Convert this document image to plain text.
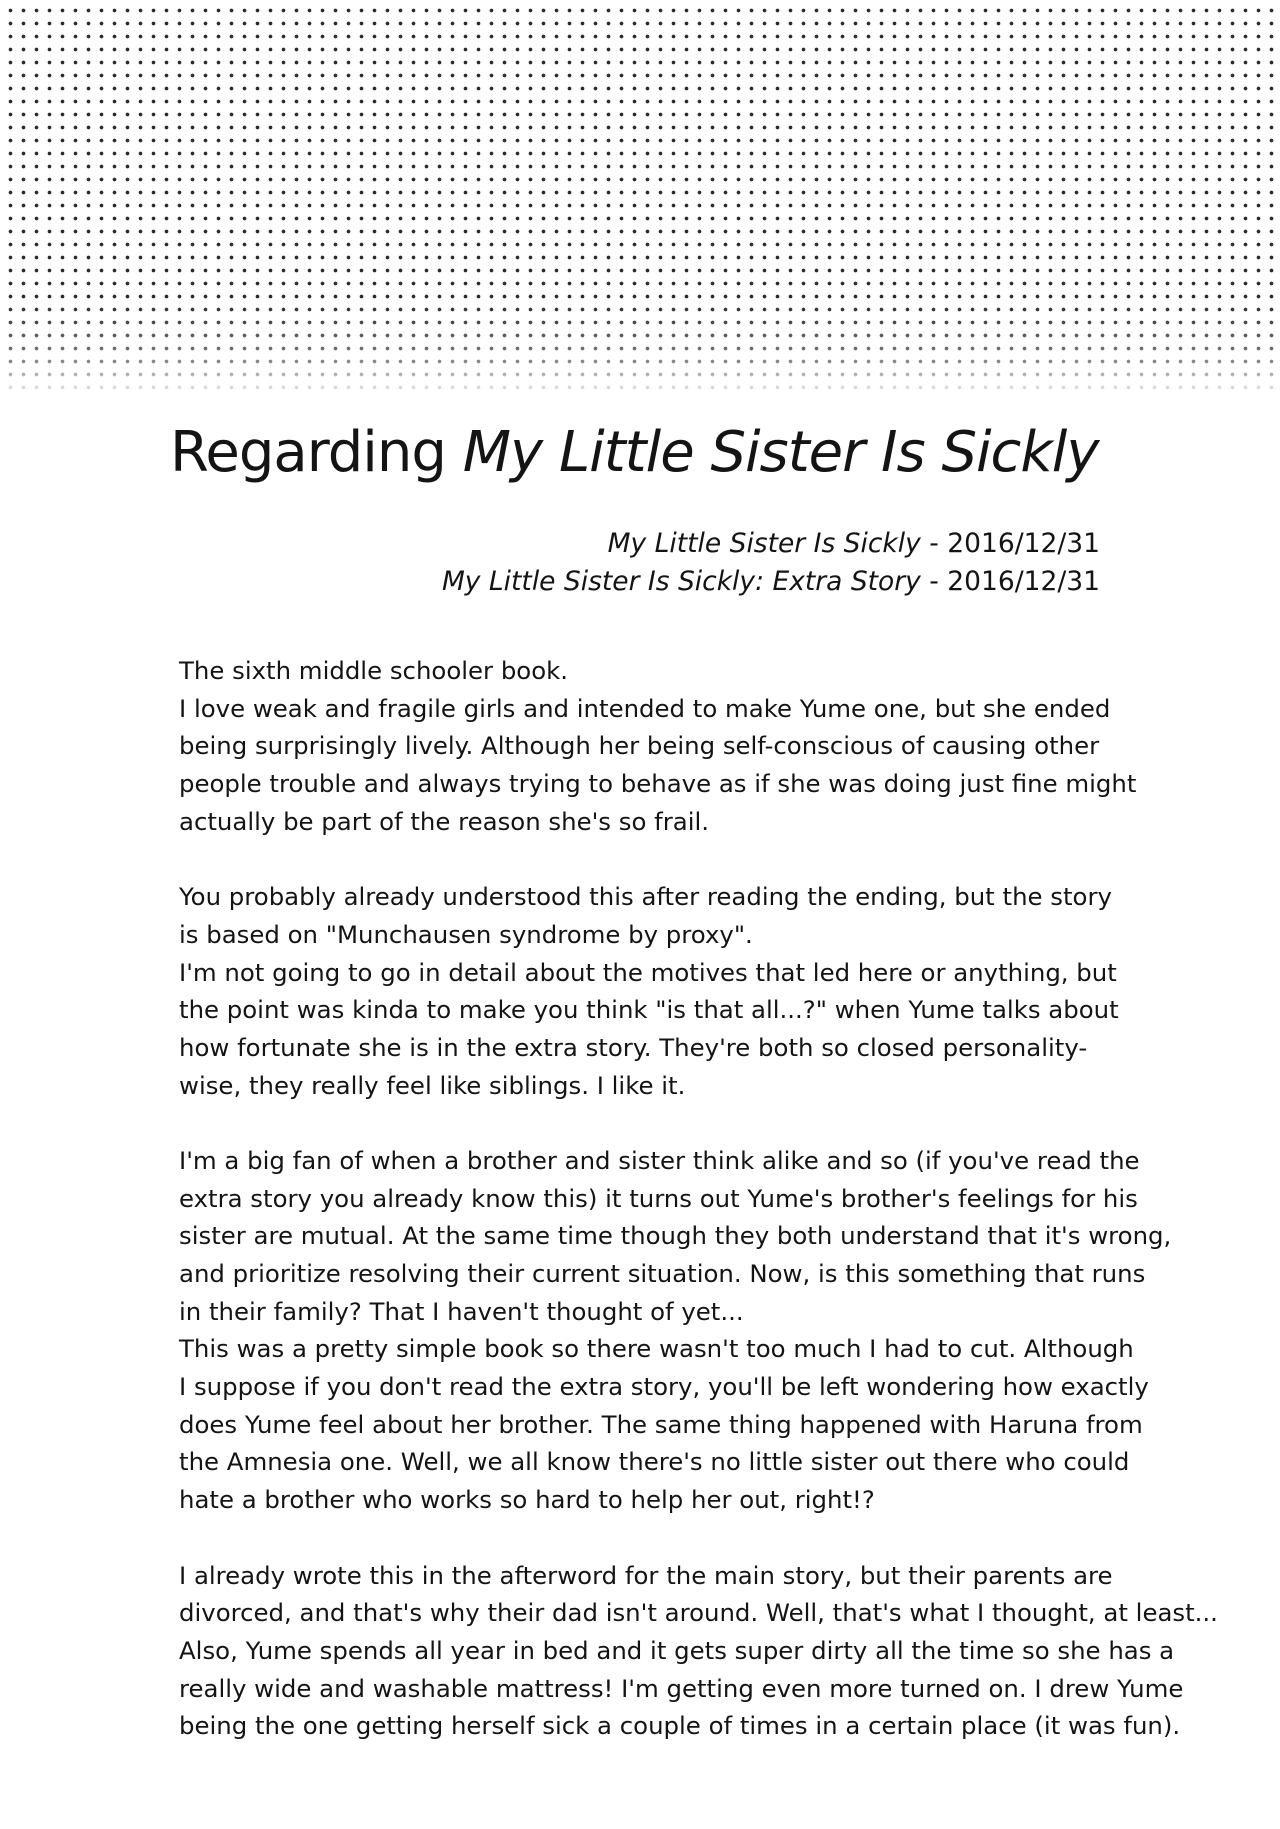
Regarding My Little Sister Is Sickly
My Little Sister Is Sickly - 2016/12/31
My Little Sister Is Sickly: Extra Story - 2016/12/31
The sixth middle schooler book.
I love weak and fragile girls and intended to make Yume one, but she ended
being surprisingly lively. Although her being self-conscious of causing other
people trouble and always trying to behave as if she was doing just fine might
actually be part of the reason she's so frail.
You probably already understood this after reading the ending, but the story
is based on "Munchausen syndrome by proxy".
I'm not going to go in detail about the motives that led here or anything, but
the point was kinda to make you think "is that all...?" when Yume talks about
how fortunate she is in the extra story. They're both so closed personality-
wise, they really feel like siblings. I like it.
I'm a big fan of when a brother and sister think alike and so (if you've read the
extra story you already know this) it turns out Yume's brother's feelings for his
sister are mutual. At the same time though they both understand that it's wrong,
and prioritize resolving their current situation. Now, is this something that runs
in their family? That I haven't thought of yet...
This was a pretty simple book so there wasn't too much I had to cut. Although
I suppose if you don't read the extra story, you'll be left wondering how exactly
does Yume feel about her brother. The same thing happened with Haruna from
the Amnesia one. Well, we all know there's no little sister out there who could
hate a brother who works so hard to help her out, right!?
I already wrote this in the afterword for the main story, but their parents are
divorced, and that's why their dad isn't around. Well, that's what I thought, at least...
Also, Yume spends all year in bed and it gets super dirty all the time so she has a
really wide and washable mattress! I'm getting even more turned on. I drew Yume
being the one getting herself sick a couple of times in a certain place (it was fun).
